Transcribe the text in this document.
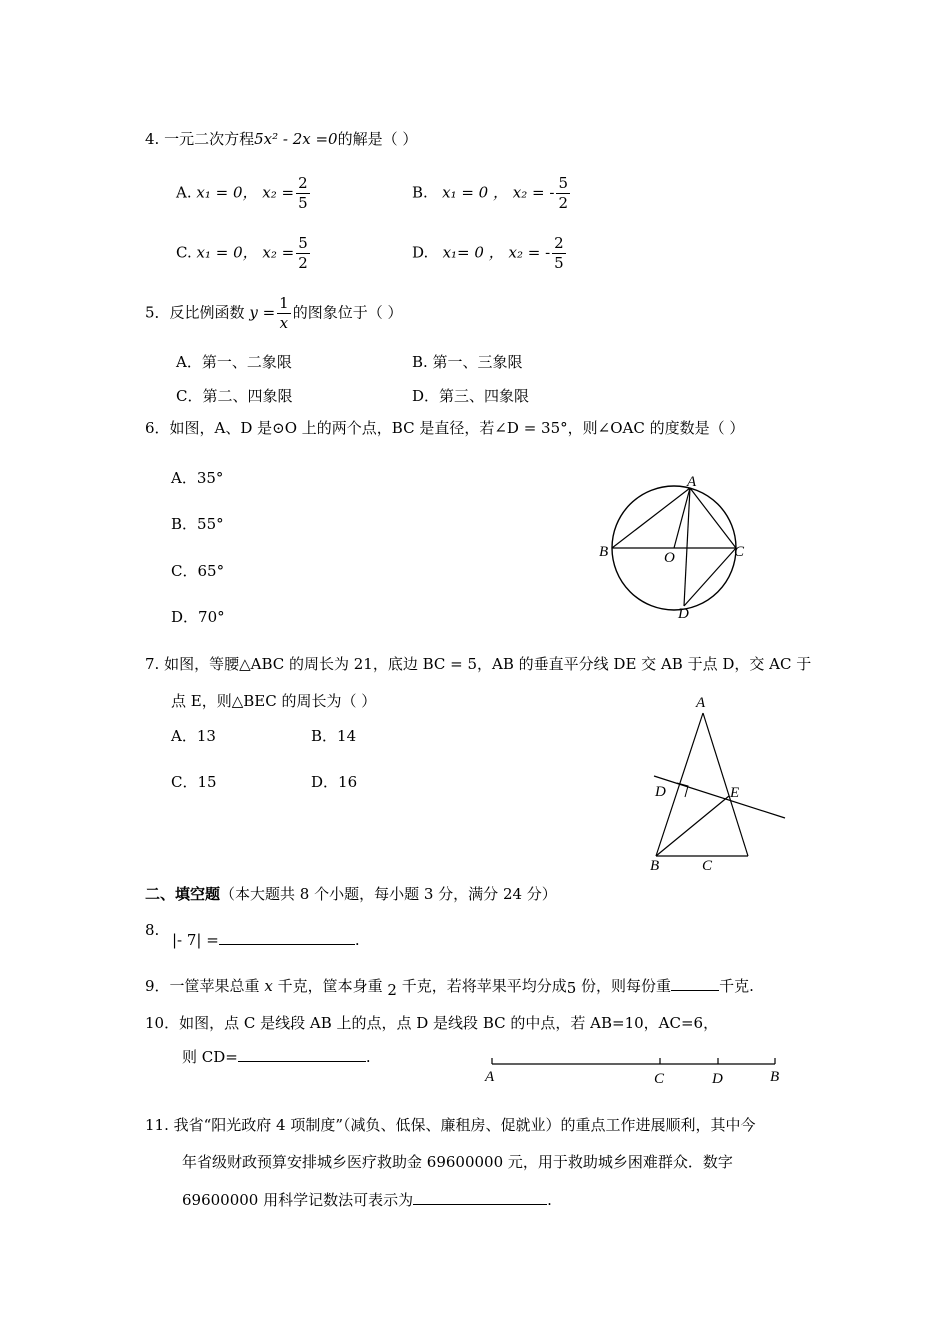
4. 一元二次方程5x² - 2x =0的解是（ ）
A. x₁ = 0， $x_2 = \frac{2}{5}$	B. x₁ = 0 ， x₂ = - $\frac{5}{2}$
C. x₁ = 0， $x_2 = \frac{5}{2}$	D. x₁= 0 ， x₂ = - $\frac{2}{5}$
5．反比例函数 $y = \frac{1}{x}$ 的图象位于（ ）
A．第一、二象限	B. 第一、三象限
C．第二、四象限	D．第三、四象限
6．如图，A、D 是⊙O 上的两个点，BC 是直径，若∠D = 35°，则∠OAC 的度数是（ ）
A．35°
B．55°
C．65°
D．70°
A
B	C
O
D
7. 如图，等腰△ABC 的周长为 21，底边 BC = 5，AB 的垂直平分线 DE 交 AB 于点 D，交 AC 于
点 E，则△BEC 的周长为（ ）
A．13	B．14
C．15	D．16
A
D	E
B	C
二、填空题（本大题共 8 个小题，每小题 3 分，满分 24 分）
8.
|- 7| =	.
9．一筐苹果总重 x 千克，筐本身重 2 千克，若将苹果平均分成5 份，则每份重	千克.
10．如图，点 C 是线段 AB 上的点，点 D 是线段 BC 的中点，若 AB=10，AC=6，
则 CD=	.
A	C	D	B
11. 我省“阳光政府 4 项制度”（减负、低保、廉租房、促就业）的重点工作进展顺利，其中今
年省级财政预算安排城乡医疗救助金 69600000 元，用于救助城乡困难群众．数字
69600000 用科学记数法可表示为	.
